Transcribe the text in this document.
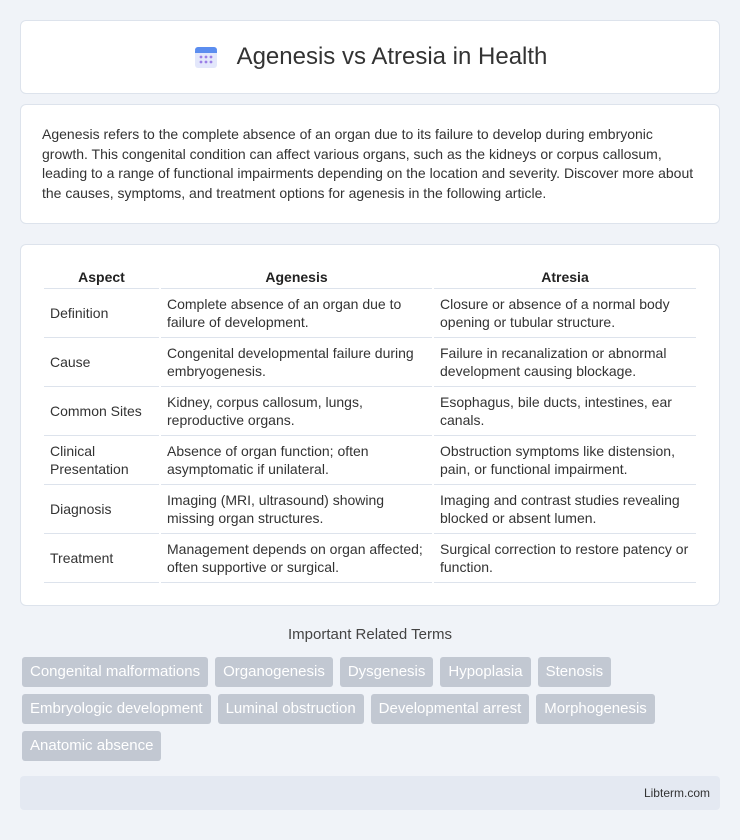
Agenesis vs Atresia in Health

Agenesis refers to the complete absence of an organ due to its failure to develop during embryonic growth. This congenital condition can affect various organs, such as the kidneys or corpus callosum, leading to a range of functional impairments depending on the location and severity. Discover more about the causes, symptoms, and treatment options for agenesis in the following article.

Aspect	Agenesis	Atresia
Definition	Complete absence of an organ due to failure of development.	Closure or absence of a normal body opening or tubular structure.
Cause	Congenital developmental failure during embryogenesis.	Failure in recanalization or abnormal development causing blockage.
Common Sites	Kidney, corpus callosum, lungs, reproductive organs.	Esophagus, bile ducts, intestines, ear canals.
Clinical Presentation	Absence of organ function; often asymptomatic if unilateral.	Obstruction symptoms like distension, pain, or functional impairment.
Diagnosis	Imaging (MRI, ultrasound) showing missing organ structures.	Imaging and contrast studies revealing blocked or absent lumen.
Treatment	Management depends on organ affected; often supportive or surgical.	Surgical correction to restore patency or function.
Important Related Terms
Congenital malformations	Organogenesis	Dysgenesis	Hypoplasia	Stenosis
Embryologic development	Luminal obstruction	Developmental arrest	Morphogenesis
Anatomic absence
Libterm.com
